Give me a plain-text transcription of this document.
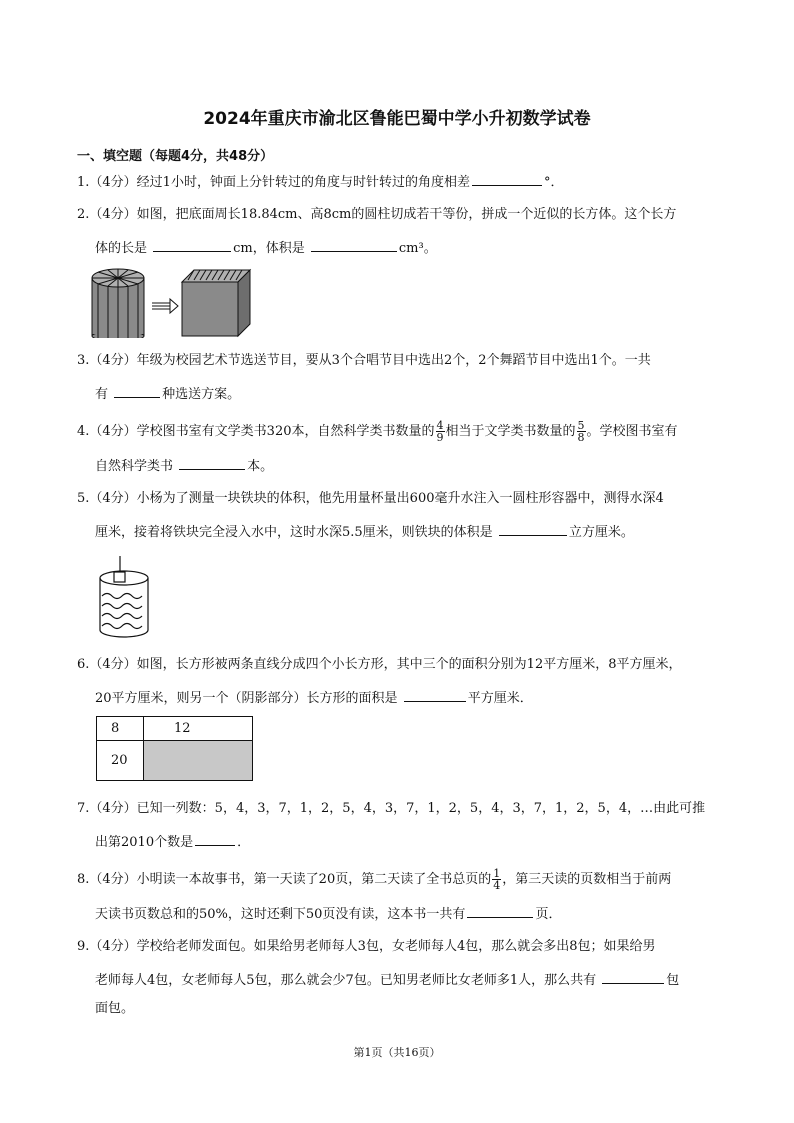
2024年重庆市渝北区鲁能巴蜀中学小升初数学试卷
一、填空题（每题4分，共48分）
1.（4分）经过1小时，钟面上分针转过的角度与时针转过的角度相差	°．
2.（4分）如图，把底面周长18.84cm、高8cm的圆柱切成若干等份，拼成一个近似的长方体。这个长方
体的长是	cm，体积是	cm³。
3.（4分）年级为校园艺术节选送节目，要从3个合唱节目中选出2个，2个舞蹈节目中选出1个。一共
有	种选送方案。
4.（4分）学校图书室有文学类书320本，自然科学类书数量的 $\frac{4}{9}$ 相当于文学类书数量的 $\frac{5}{8}$ 。学校图书室有
自然科学类书	本。
5.（4分）小杨为了测量一块铁块的体积，他先用量杯量出600毫升水注入一圆柱形容器中，测得水深4
厘米，接着将铁块完全浸入水中，这时水深5.5厘米，则铁块的体积是	立方厘米。
6.（4分）如图，长方形被两条直线分成四个小长方形，其中三个的面积分别为12平方厘米，8平方厘米，
20平方厘米，则另一个（阴影部分）长方形的面积是	平方厘米．
8	12
20	
7.（4分）已知一列数：5，4，3，7，1，2，5，4，3，7，1，2，5，4，3，7，1，2，5，4，…由此可推
出第2010个数是	．
8.（4分）小明读一本故事书，第一天读了20页，第二天读了全书总页的 $\frac{1}{4}$ ，第三天读的页数相当于前两
天读书页数总和的50%，这时还剩下50页没有读，这本书一共有	页．
9.（4分）学校给老师发面包。如果给男老师每人3包，女老师每人4包，那么就会多出8包；如果给男
老师每人4包，女老师每人5包，那么就会少7包。已知男老师比女老师多1人，那么共有	包
面包。
第1页（共16页）
